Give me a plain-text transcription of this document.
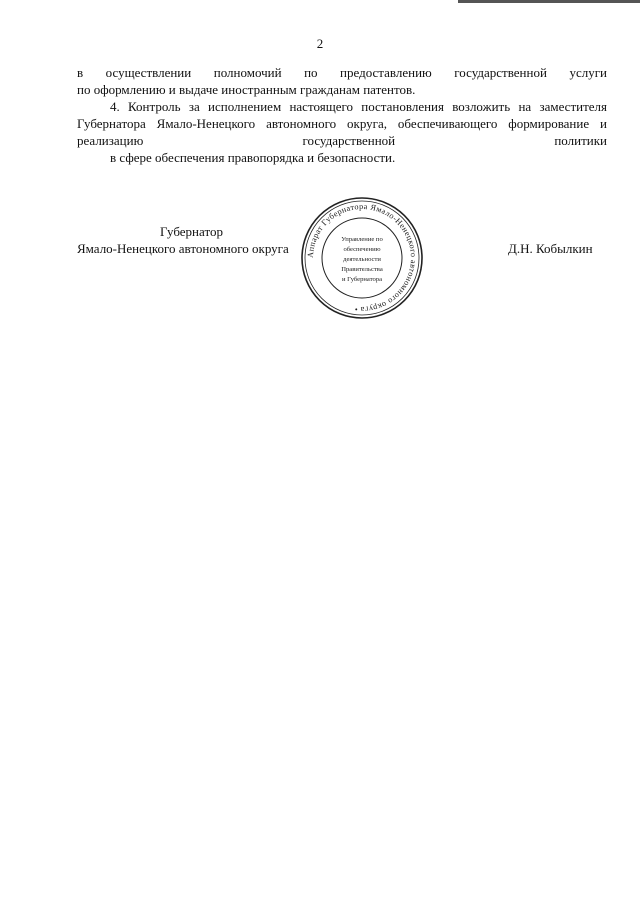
2
в осуществлении полномочий по предоставлению государственной услуги
по оформлению и выдаче иностранным гражданам патентов.
4. Контроль за исполнением настоящего постановления возложить на заместителя Губернатора Ямало-Ненецкого автономного округа, обеспечивающего формирование и реализацию государственной политики
в сфере обеспечения правопорядка и безопасности.
Губернатор
Ямало-Ненецкого автономного округа	Д.Н. Кобылкин
Аппарат Губернатора Ямало-Ненецкого автономного округа •
Управление по
обеспечению
деятельности
Правительства
и Губернатора
